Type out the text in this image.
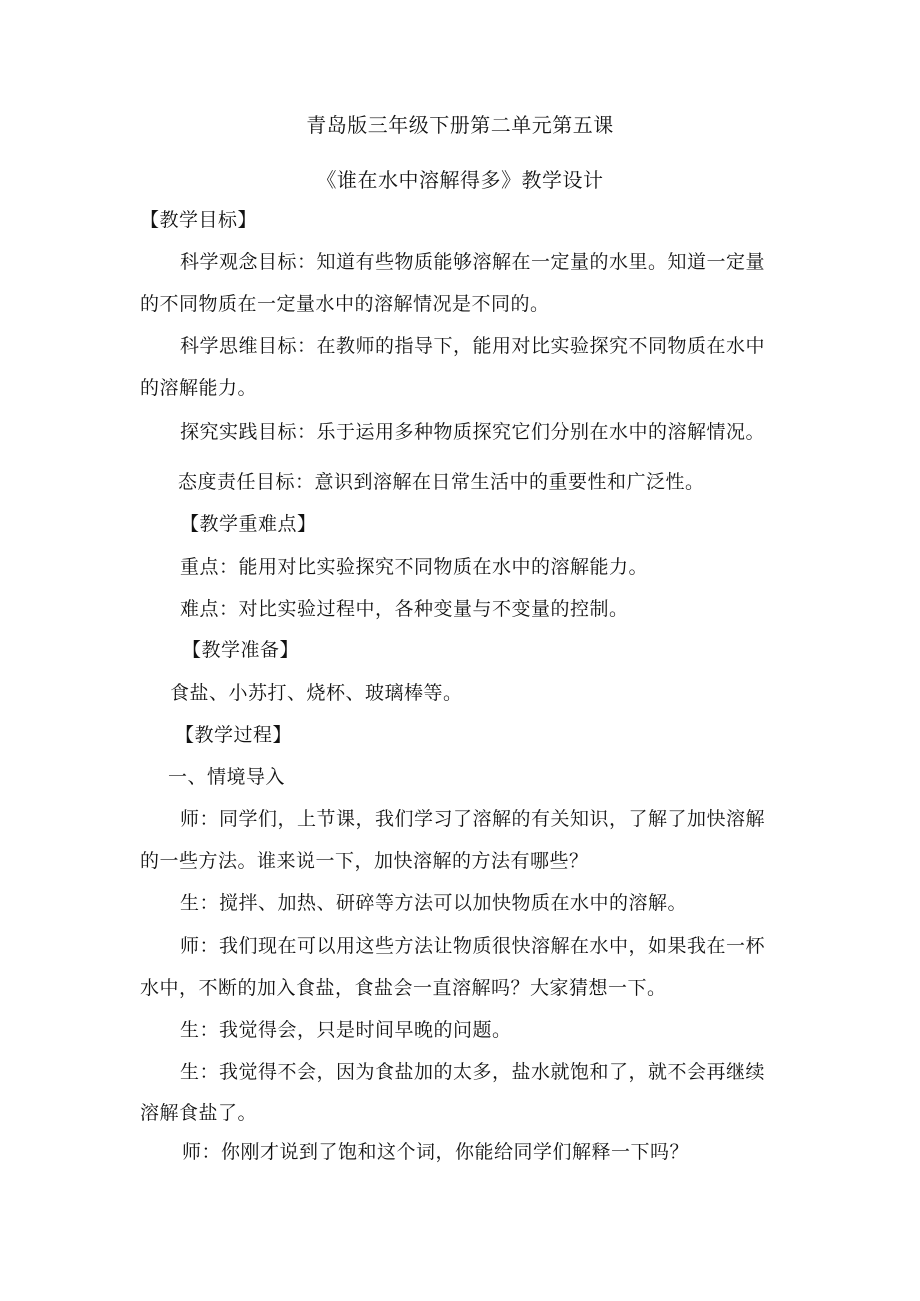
青岛版三年级下册第二单元第五课

《谁在水中溶解得多》教学设计

【教学目标】

科学观念目标：知道有些物质能够溶解在一定量的水里。知道一定量

的不同物质在一定量水中的溶解情况是不同的。

科学思维目标：在教师的指导下，能用对比实验探究不同物质在水中

的溶解能力。

探究实践目标：乐于运用多种物质探究它们分别在水中的溶解情况。

态度责任目标：意识到溶解在日常生活中的重要性和广泛性。

【教学重难点】

重点：能用对比实验探究不同物质在水中的溶解能力。

难点：对比实验过程中，各种变量与不变量的控制。

【教学准备】

食盐、小苏打、烧杯、玻璃棒等。

【教学过程】

一、情境导入

师：同学们，上节课，我们学习了溶解的有关知识，了解了加快溶解

的一些方法。谁来说一下，加快溶解的方法有哪些？

生：搅拌、加热、研碎等方法可以加快物质在水中的溶解。

师：我们现在可以用这些方法让物质很快溶解在水中，如果我在一杯

水中，不断的加入食盐，食盐会一直溶解吗？大家猜想一下。

生：我觉得会，只是时间早晚的问题。

生：我觉得不会，因为食盐加的太多，盐水就饱和了，就不会再继续

溶解食盐了。

师：你刚才说到了饱和这个词，你能给同学们解释一下吗？
